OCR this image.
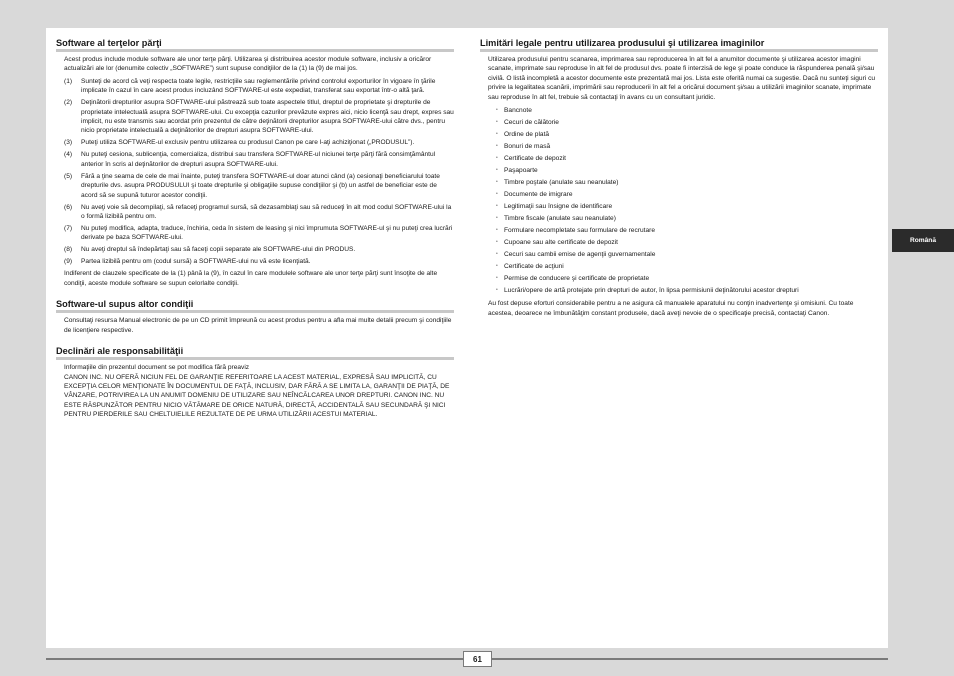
Software al terţelor părţi

Acest produs include module software ale unor terţe părţi. Utilizarea şi distribuirea acestor module software, inclusiv a oricăror actualizări ale lor (denumite colectiv „SOFTWARE”) sunt supuse condiţiilor de la (1) la (9) de mai jos.

(1)	Sunteţi de acord că veţi respecta toate legile, restricţiile sau reglementările privind controlul exporturilor în vigoare în ţările implicate în cazul în care acest produs incluzând SOFTWARE-ul este expediat, transferat sau exportat într-o altă ţară.
(2)	Deţinătorii drepturilor asupra SOFTWARE-ului păstrează sub toate aspectele titlul, dreptul de proprietate şi drepturile de proprietate intelectuală asupra SOFTWARE-ului. Cu excepţia cazurilor prevăzute expres aici, nicio licenţă sau drept, expres sau implicit, nu este transmis sau acordat prin prezentul de către deţinătorii drepturilor asupra SOFTWARE-ului către dvs., pentru nicio proprietate intelectuală a deţinătorilor de drepturi asupra SOFTWARE-ului.
(3)	Puteţi utiliza SOFTWARE-ul exclusiv pentru utilizarea cu produsul Canon pe care l-aţi achiziţionat („PRODUSUL”).
(4)	Nu puteţi cesiona, sublicenţia, comercializa, distribui sau transfera SOFTWARE-ul niciunei terţe părţi fără consimţământul anterior în scris al deţinătorilor de drepturi asupra SOFTWARE-ului.
(5)	Fără a ţine seama de cele de mai înainte, puteţi transfera SOFTWARE-ul doar atunci când (a) cesionaţi beneficiarului toate drepturile dvs. asupra PRODUSULUI şi toate drepturile şi obligaţiile supuse condiţiilor şi (b) un astfel de beneficiar este de acord să se supună tuturor acestor condiţii.
(6)	Nu aveţi voie să decompilaţi, să refaceţi programul sursă, să dezasamblaţi sau să reduceţi în alt mod codul SOFTWARE-ului la o formă lizibilă pentru om.
(7)	Nu puteţi modifica, adapta, traduce, închiria, ceda în sistem de leasing şi nici împrumuta SOFTWARE-ul şi nu puteţi crea lucrări derivate pe baza SOFTWARE-ului.
(8)	Nu aveţi dreptul să îndepărtaţi sau să faceţi copii separate ale SOFTWARE-ului din PRODUS.
(9)	Partea lizibilă pentru om (codul sursă) a SOFTWARE-ului nu vă este licenţiată.

Indiferent de clauzele specificate de la (1) până la (9), în cazul în care modulele software ale unor terţe părţi sunt însoţite de alte condiţii, aceste module software se supun celorlalte condiţii.

Software-ul supus altor condiţii

Consultaţi resursa Manual electronic de pe un CD primit împreună cu acest produs pentru a afla mai multe detalii precum şi condiţiile de licenţiere respective.

Declinări ale responsabilităţii

Informaţiile din prezentul document se pot modifica fără preaviz

CANON INC. NU OFERĂ NICIUN FEL DE GARANŢIE REFERITOARE LA ACEST MATERIAL, EXPRESĂ SAU IMPLICITĂ, CU EXCEPŢIA CELOR MENŢIONATE ÎN DOCUMENTUL DE FAŢĂ, INCLUSIV, DAR FĂRĂ A SE LIMITA LA, GARANŢII DE PIAŢĂ, DE VÂNZARE, POTRIVIREA LA UN ANUMIT DOMENIU DE UTILIZARE SAU NEÎNCĂLCAREA UNOR DREPTURI. CANON INC. NU ESTE RĂSPUNZĂTOR PENTRU NICIO VĂTĂMARE DE ORICE NATURĂ, DIRECTĂ, ACCIDENTALĂ SAU SECUNDARĂ ŞI NICI PENTRU PIERDERILE SAU CHELTUIELILE REZULTATE DE PE URMA UTILIZĂRII ACESTUI MATERIAL.

Limitări legale pentru utilizarea produsului şi utilizarea imaginilor

Utilizarea produsului pentru scanarea, imprimarea sau reproducerea în alt fel a anumitor documente şi utilizarea acestor imagini scanate, imprimate sau reproduse în alt fel de produsul dvs. poate fi interzisă de lege şi poate conduce la răspunderea penală şi/sau civilă. O listă incompletă a acestor documente este prezentată mai jos. Lista este oferită numai ca sugestie. Dacă nu sunteţi siguri cu privire la legalitatea scanării, imprimării sau reproducerii în alt fel a oricărui document şi/sau a utilizării imaginilor scanate, imprimate sau reproduse în alt fel, trebuie să contactaţi în avans cu un consultant juridic.

• Bancnote
• Cecuri de călătorie
• Ordine de plată
• Bonuri de masă
• Certificate de depozit
• Paşapoarte
• Timbre poştale (anulate sau neanulate)
• Documente de imigrare
• Legitimaţii sau însigne de identificare
• Timbre fiscale (anulate sau neanulate)
• Formulare necompletate sau formulare de recrutare
• Cupoane sau alte certificate de depozit
• Cecuri sau cambii emise de agenţii guvernamentale
• Certificate de acţiuni
• Permise de conducere şi certificate de proprietate
• Lucrări/opere de artă protejate prin drepturi de autor, în lipsa permisiunii deţinătorului acestor drepturi

Au fost depuse eforturi considerabile pentru a ne asigura că manualele aparatului nu conţin inadvertenţe şi omisiuni. Cu toate acestea, deoarece ne îmbunătăţim constant produsele, dacă aveţi nevoie de o specificaţie precisă, contactaţi Canon.

Română
61
